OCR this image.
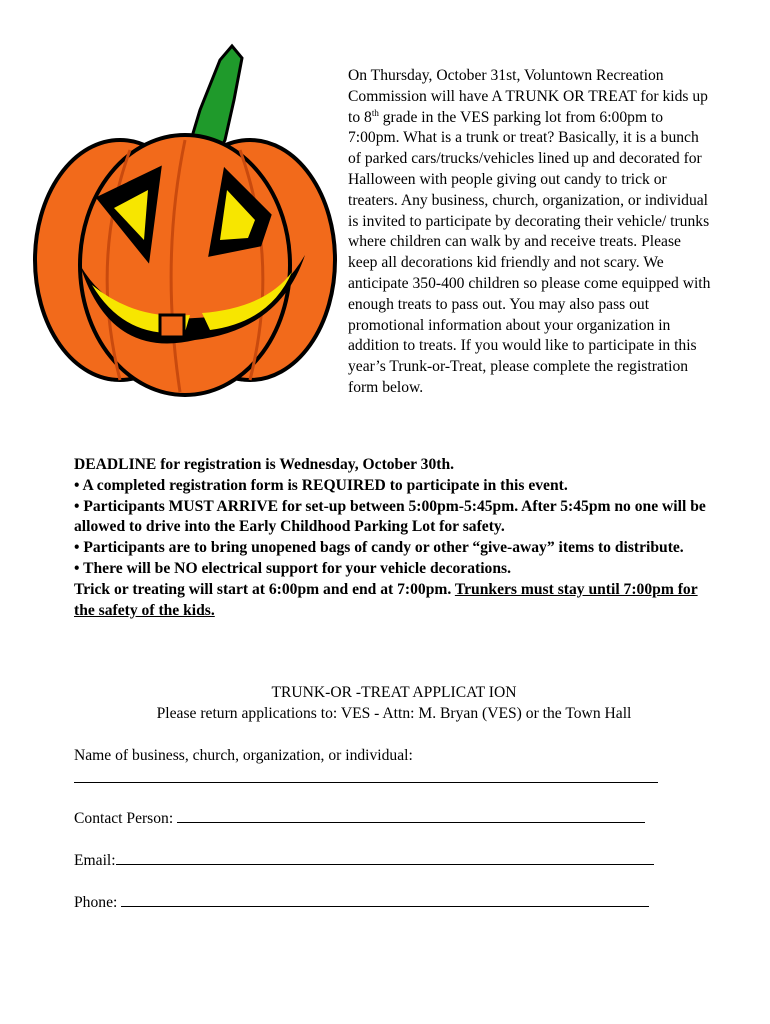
On Thursday, October 31st, Voluntown Recreation Commission will have A TRUNK OR TREAT for kids up to 8th grade in the VES parking lot from 6:00pm to 7:00pm. What is a trunk or treat? Basically, it is a bunch of parked cars/trucks/vehicles lined up and decorated for Halloween with people giving out candy to trick or treaters. Any business, church, organization, or individual is invited to participate by decorating their vehicle/ trunks where children can walk by and receive treats. Please keep all decorations kid friendly and not scary. We anticipate 350-400 children so please come equipped with enough treats to pass out. You may also pass out promotional information about your organization in addition to treats. If you would like to participate in this year’s Trunk-or-Treat, please complete the registration form below.

DEADLINE for registration is Wednesday, October 30th.

• A completed registration form is REQUIRED to participate in this event.

• Participants MUST ARRIVE for set-up between 5:00pm-5:45pm. After 5:45pm no one will be allowed to drive into the Early Childhood Parking Lot for safety.

• Participants are to bring unopened bags of candy or other “give-away” items to distribute.

• There will be NO electrical support for your vehicle decorations.

Trick or treating will start at 6:00pm and end at 7:00pm. Trunkers must stay until 7:00pm for the safety of the kids.

TRUNK-OR -TREAT APPLICAT ION
Please return applications to: VES - Attn: M. Bryan (VES) or the Town Hall
Name of business, church, organization, or individual:
Contact Person:
Email:
Phone:
